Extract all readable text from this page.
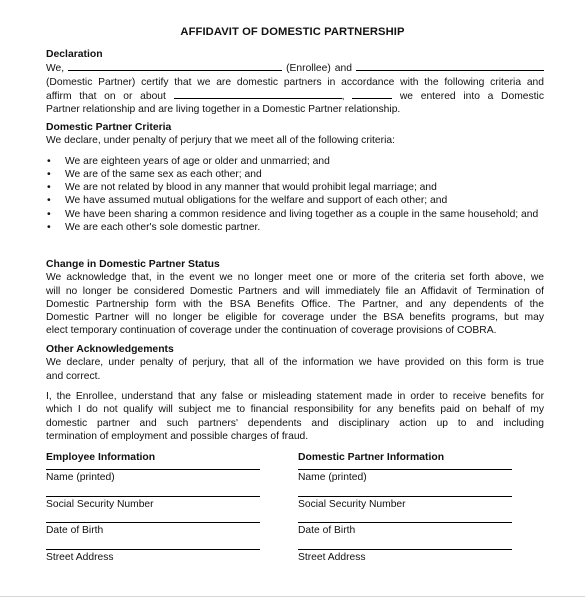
AFFIDAVIT OF DOMESTIC PARTNERSHIP
Declaration

We,	(Enrollee) and

(Domestic Partner) certify that we are domestic partners in accordance with the following criteria and

affirm that on or about	,	we entered into a Domestic

Partner relationship and are living together in a Domestic Partner relationship.

Domestic Partner Criteria

We declare, under penalty of perjury that we meet all of the following criteria:

• We are eighteen years of age or older and unmarried; and
• We are of the same sex as each other; and
• We are not related by blood in any manner that would prohibit legal marriage; and
• We have assumed mutual obligations for the welfare and support of each other; and
• We have been sharing a common residence and living together as a couple in the same household; and
• We are each other's sole domestic partner.
Change in Domestic Partner Status

We acknowledge that, in the event we no longer meet one or more of the criteria set forth above, we

will no longer be considered Domestic Partners and will immediately file an Affidavit of Termination of

Domestic Partnership form with the BSA Benefits Office. The Partner, and any dependents of the

Domestic Partner will no longer be eligible for coverage under the BSA benefits programs, but may

elect temporary continuation of coverage under the continuation of coverage provisions of COBRA.

Other Acknowledgements

We declare, under penalty of perjury, that all of the information we have provided on this form is true

and correct.

I, the Enrollee, understand that any false or misleading statement made in order to receive benefits for

which I do not qualify will subject me to financial responsibility for any benefits paid on behalf of my

domestic partner and such partners' dependents and disciplinary action up to and including

termination of employment and possible charges of fraud.

Employee Information
Name (printed)
Social Security Number
Date of Birth
Street Address
Domestic Partner Information
Name (printed)
Social Security Number
Date of Birth
Street Address
